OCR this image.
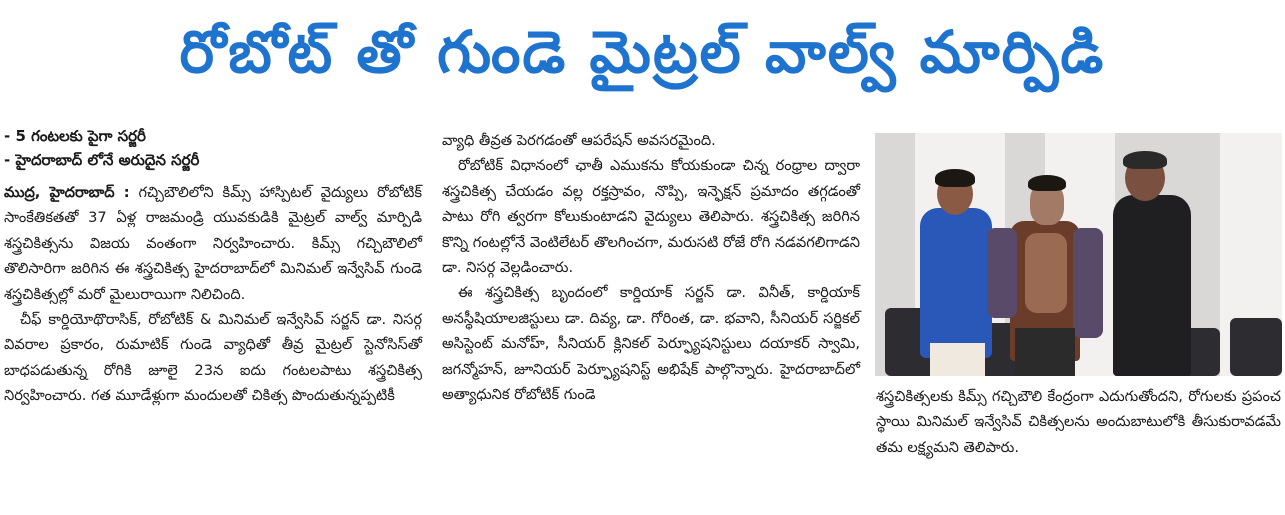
రోబోట్ తో గుండె మైట్రల్ వాల్వ్ మార్పిడి
- 5 గంటలకు పైగా సర్జరీ
- హైదరాబాద్ లోనే అరుదైన సర్జరీ

ముద్ర, హైదరాబాద్ : గచ్చిబౌలిలోని కిమ్స్ హాస్పిటల్ వైద్యులు రోబోటిక్ సాంకేతికతతో 37 ఏళ్ల రాజమండ్రి యువకుడికి మైట్రల్ వాల్వ్ మార్పిడి శస్త్రచికిత్సను విజయ వంతంగా నిర్వహించారు. కిమ్స్ గచ్చిబౌలిలో తొలిసారిగా జరిగిన ఈ శస్త్రచికిత్స హైదరాబాద్‌లో మినిమల్ ఇన్వేసివ్ గుండె శస్త్రచికిత్సల్లో మరో మైలురాయిగా నిలిచింది.

చీఫ్ కార్డియోథొరాసిక్, రోబోటిక్ & మినిమల్ ఇన్వేసివ్ సర్జన్ డా. నిసర్గ వివరాల ప్రకారం, రుమాటిక్ గుండె వ్యాధితో తీవ్ర మైట్రల్ స్టెనోసిస్‌తో బాధపడుతున్న రోగికి జూలై 23న ఐదు గంటలపాటు శస్త్రచికిత్స నిర్వహించారు. గత మూడేళ్లుగా మందులతో చికిత్స పొందుతున్నప్పటికీ

వ్యాధి తీవ్రత పెరగడంతో ఆపరేషన్ అవసరమైంది.

రోబోటిక్ విధానంలో ఛాతీ ఎముకను కోయకుండా చిన్న రంధ్రాల ద్వారా శస్త్రచికిత్స చేయడం వల్ల రక్తస్రావం, నొప్పి, ఇన్ఫెక్షన్ ప్రమాదం తగ్గడంతో పాటు రోగి త్వరగా కోలుకుంటాడని వైద్యులు తెలిపారు. శస్త్రచికిత్స జరిగిన కొన్ని గంటల్లోనే వెంటిలేటర్ తొలగించగా, మరుసటి రోజే రోగి నడవగలిగాడని డా. నిసర్గ వెల్లడించారు.

ఈ శస్త్రచికిత్స బృందంలో కార్డియాక్ సర్జన్ డా. వినీత్, కార్డియాక్ అనస్థీషియాలజిస్టులు డా. దివ్య, డా. గోరింత, డా. భవాని, సీనియర్ సర్జికల్ అసిస్టెంట్ మనోహ్, సీనియర్ క్లినికల్ పెర్ఫ్యూషనిస్టులు దయాకర్ స్వామి, జగన్మోహన్, జూనియర్ పెర్ఫ్యూషనిస్ట్ అభిషేక్ పాల్గొన్నారు. హైదరాబాద్‌లో అత్యాధునిక రోబోటిక్ గుండె	శస్త్రచికిత్సలకు కిమ్స్ గచ్చిబౌలి కేంద్రంగా ఎదుగుతోందని, రోగులకు ప్రపంచ స్థాయి మినిమల్ ఇన్వేసివ్ చికిత్సలను అందుబాటులోకి తీసుకురావడమే తమ లక్ష్యమని తెలిపారు.
